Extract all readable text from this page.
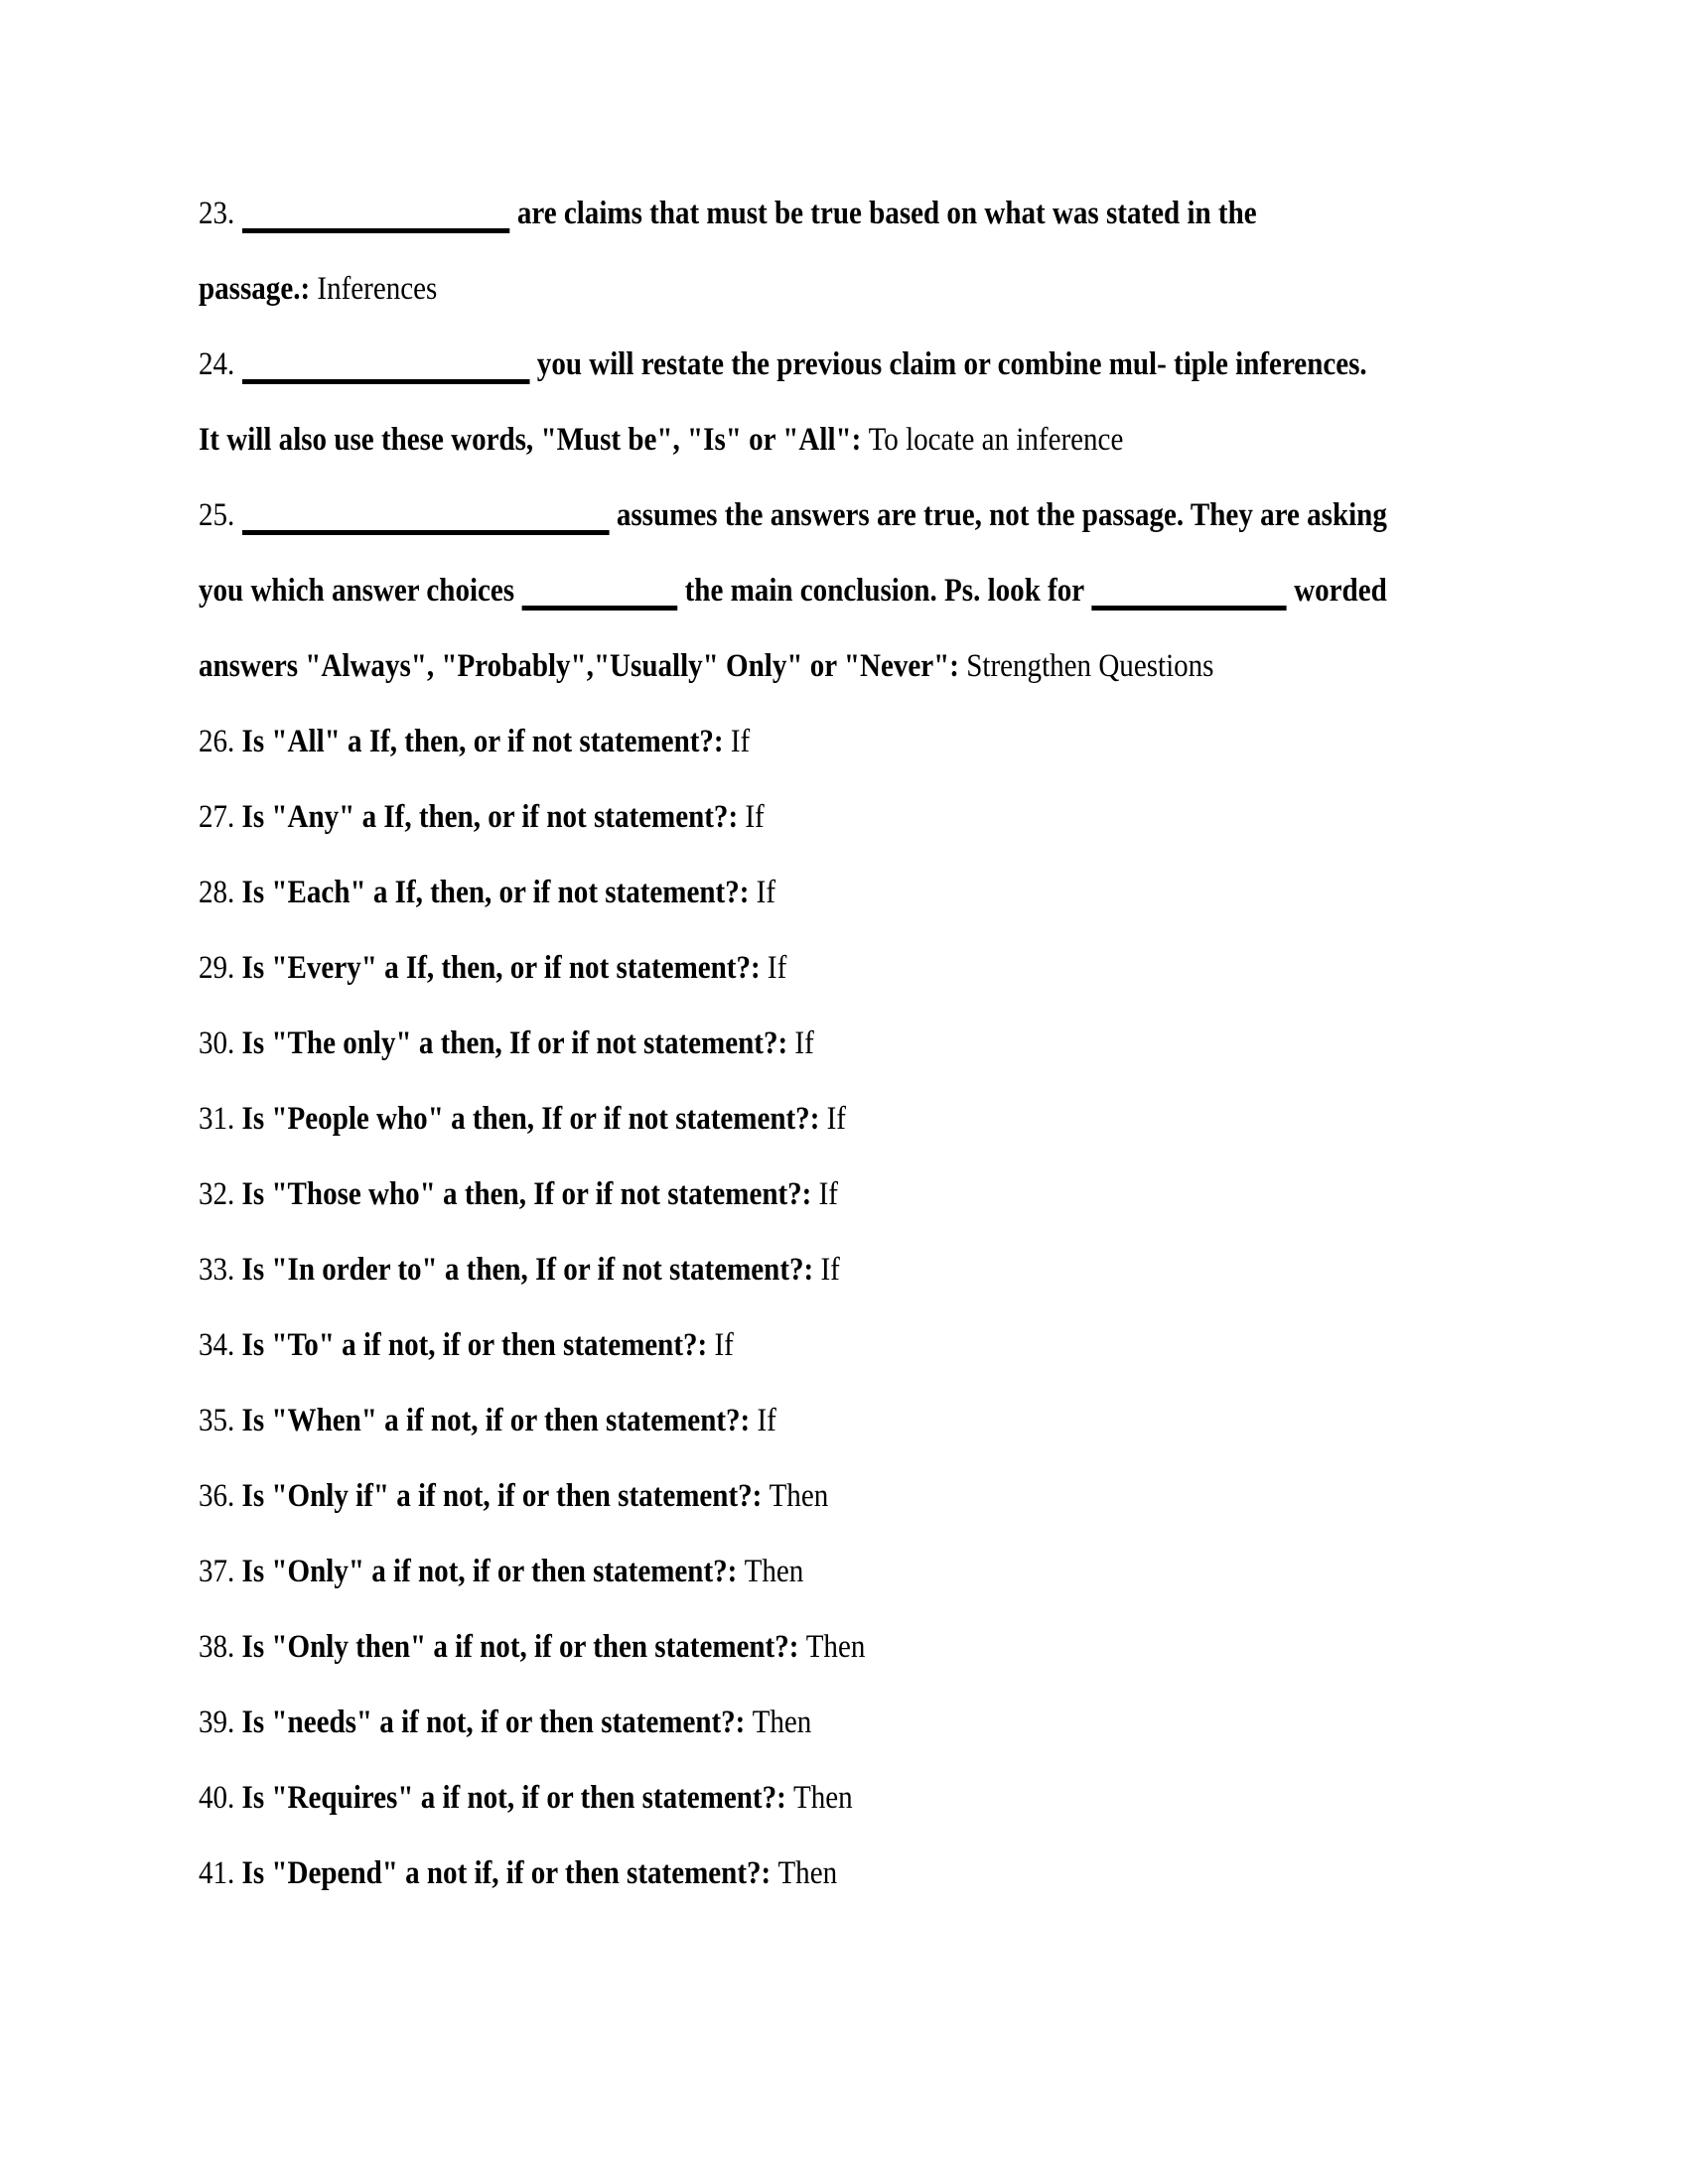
23.	are claims that must be true based on what was stated in the
passage.: Inferences
24.	you will restate the previous claim or combine mul- tiple inferences.
It will also use these words, "Must be", "Is" or "All": To locate an inference
25.	assumes the answers are true, not the passage. They are asking
you which answer choices	the main conclusion. Ps. look for	worded
answers "Always", "Probably","Usually" Only" or "Never": Strengthen Questions
26. Is "All" a If, then, or if not statement?: If
27. Is "Any" a If, then, or if not statement?: If
28. Is "Each" a If, then, or if not statement?: If
29. Is "Every" a If, then, or if not statement?: If
30. Is "The only" a then, If or if not statement?: If
31. Is "People who" a then, If or if not statement?: If
32. Is "Those who" a then, If or if not statement?: If
33. Is "In order to" a then, If or if not statement?: If
34. Is "To" a if not, if or then statement?: If
35. Is "When" a if not, if or then statement?: If
36. Is "Only if" a if not, if or then statement?: Then
37. Is "Only" a if not, if or then statement?: Then
38. Is "Only then" a if not, if or then statement?: Then
39. Is "needs" a if not, if or then statement?: Then
40. Is "Requires" a if not, if or then statement?: Then
41. Is "Depend" a not if, if or then statement?: Then
